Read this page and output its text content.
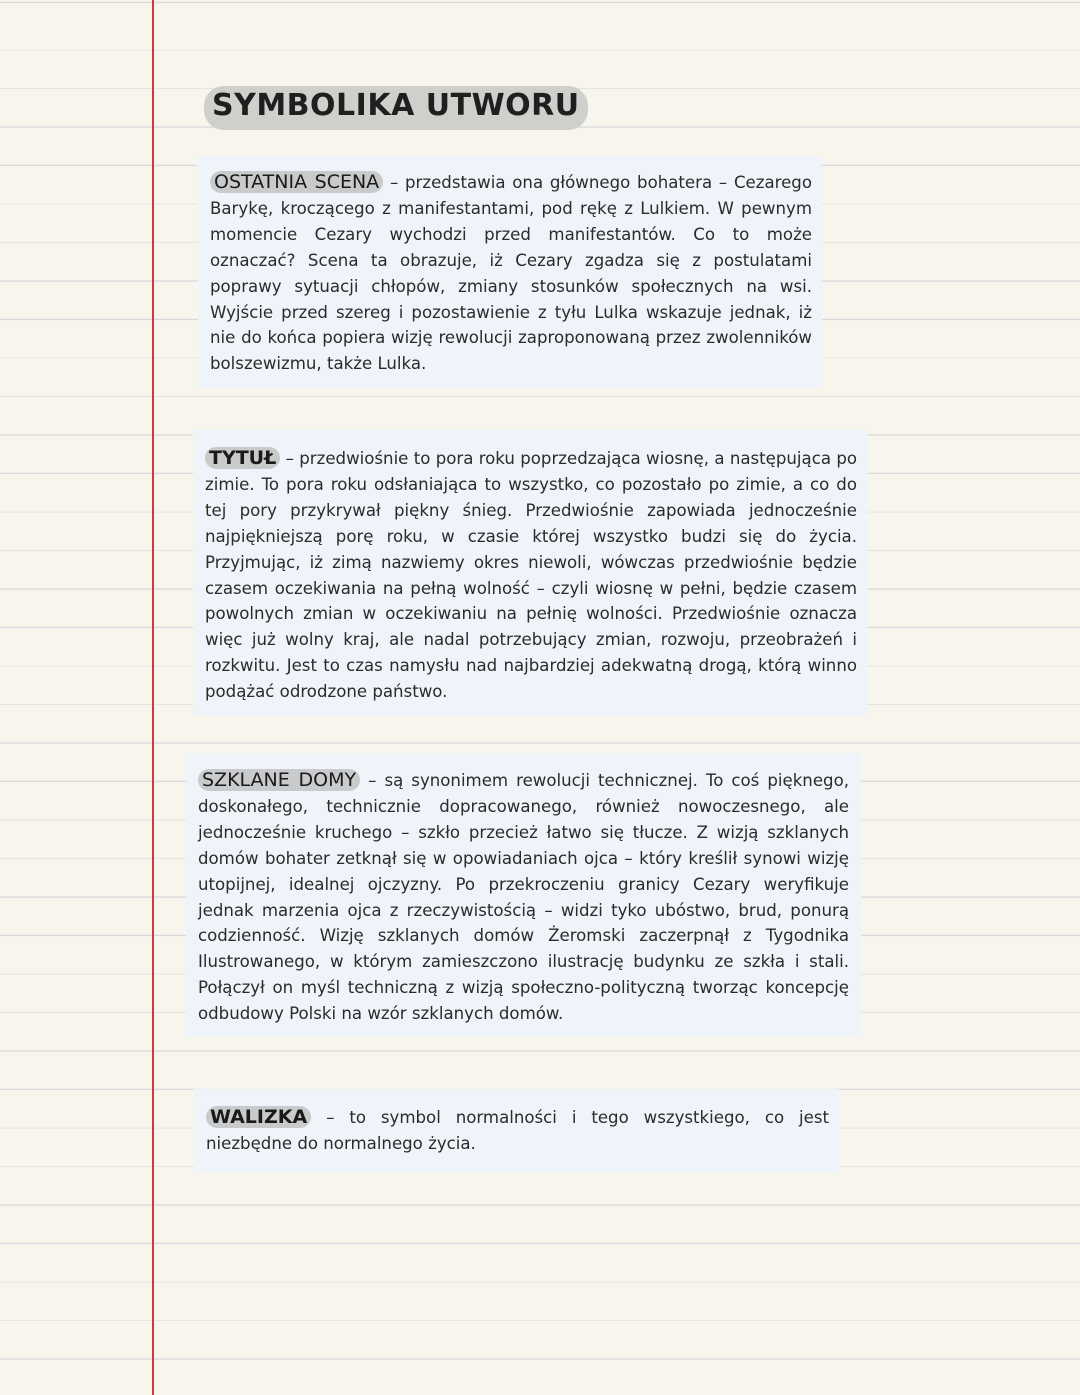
SYMBOLIKA UTWORU

OSTATNIA SCENA – przedstawia ona głównego bohatera – Cezarego Barykę, kroczącego z manifestantami, pod rękę z Lulkiem. W pewnym momencie Cezary wychodzi przed manifestantów. Co to może oznaczać? Scena ta obrazuje, iż Cezary zgadza się z postulatami poprawy sytuacji chłopów, zmiany stosunków społecznych na wsi. Wyjście przed szereg i pozostawienie z tyłu Lulka wskazuje jednak, iż nie do końca popiera wizję rewolucji zaproponowaną przez zwolenników bolszewizmu, także Lulka.

TYTUŁ – przedwiośnie to pora roku poprzedzająca wiosnę, a następująca po zimie. To pora roku odsłaniająca to wszystko, co pozostało po zimie, a co do tej pory przykrywał piękny śnieg. Przedwiośnie zapowiada jednocześnie najpiękniejszą porę roku, w czasie której wszystko budzi się do życia. Przyjmując, iż zimą nazwiemy okres niewoli, wówczas przedwiośnie będzie czasem oczekiwania na pełną wolność – czyli wiosnę w pełni, będzie czasem powolnych zmian w oczekiwaniu na pełnię wolności. Przedwiośnie oznacza więc już wolny kraj, ale nadal potrzebujący zmian, rozwoju, przeobrażeń i rozkwitu. Jest to czas namysłu nad najbardziej adekwatną drogą, którą winno podążać odrodzone państwo.

SZKLANE DOMY – są synonimem rewolucji technicznej. To coś pięknego, doskonałego, technicznie dopracowanego, również nowoczesnego, ale jednocześnie kruchego – szkło przecież łatwo się tłucze. Z wizją szklanych domów bohater zetknął się w opowiadaniach ojca – który kreślił synowi wizję utopijnej, idealnej ojczyzny. Po przekroczeniu granicy Cezary weryfikuje jednak marzenia ojca z rzeczywistością – widzi tyko ubóstwo, brud, ponurą codzienność. Wizję szklanych domów Żeromski zaczerpnął z Tygodnika Ilustrowanego, w którym zamieszczono ilustrację budynku ze szkła i stali. Połączył on myśl techniczną z wizją społeczno-polityczną tworząc koncepcję odbudowy Polski na wzór szklanych domów.

WALIZKA – to symbol normalności i tego wszystkiego, co jest niezbędne do normalnego życia.
